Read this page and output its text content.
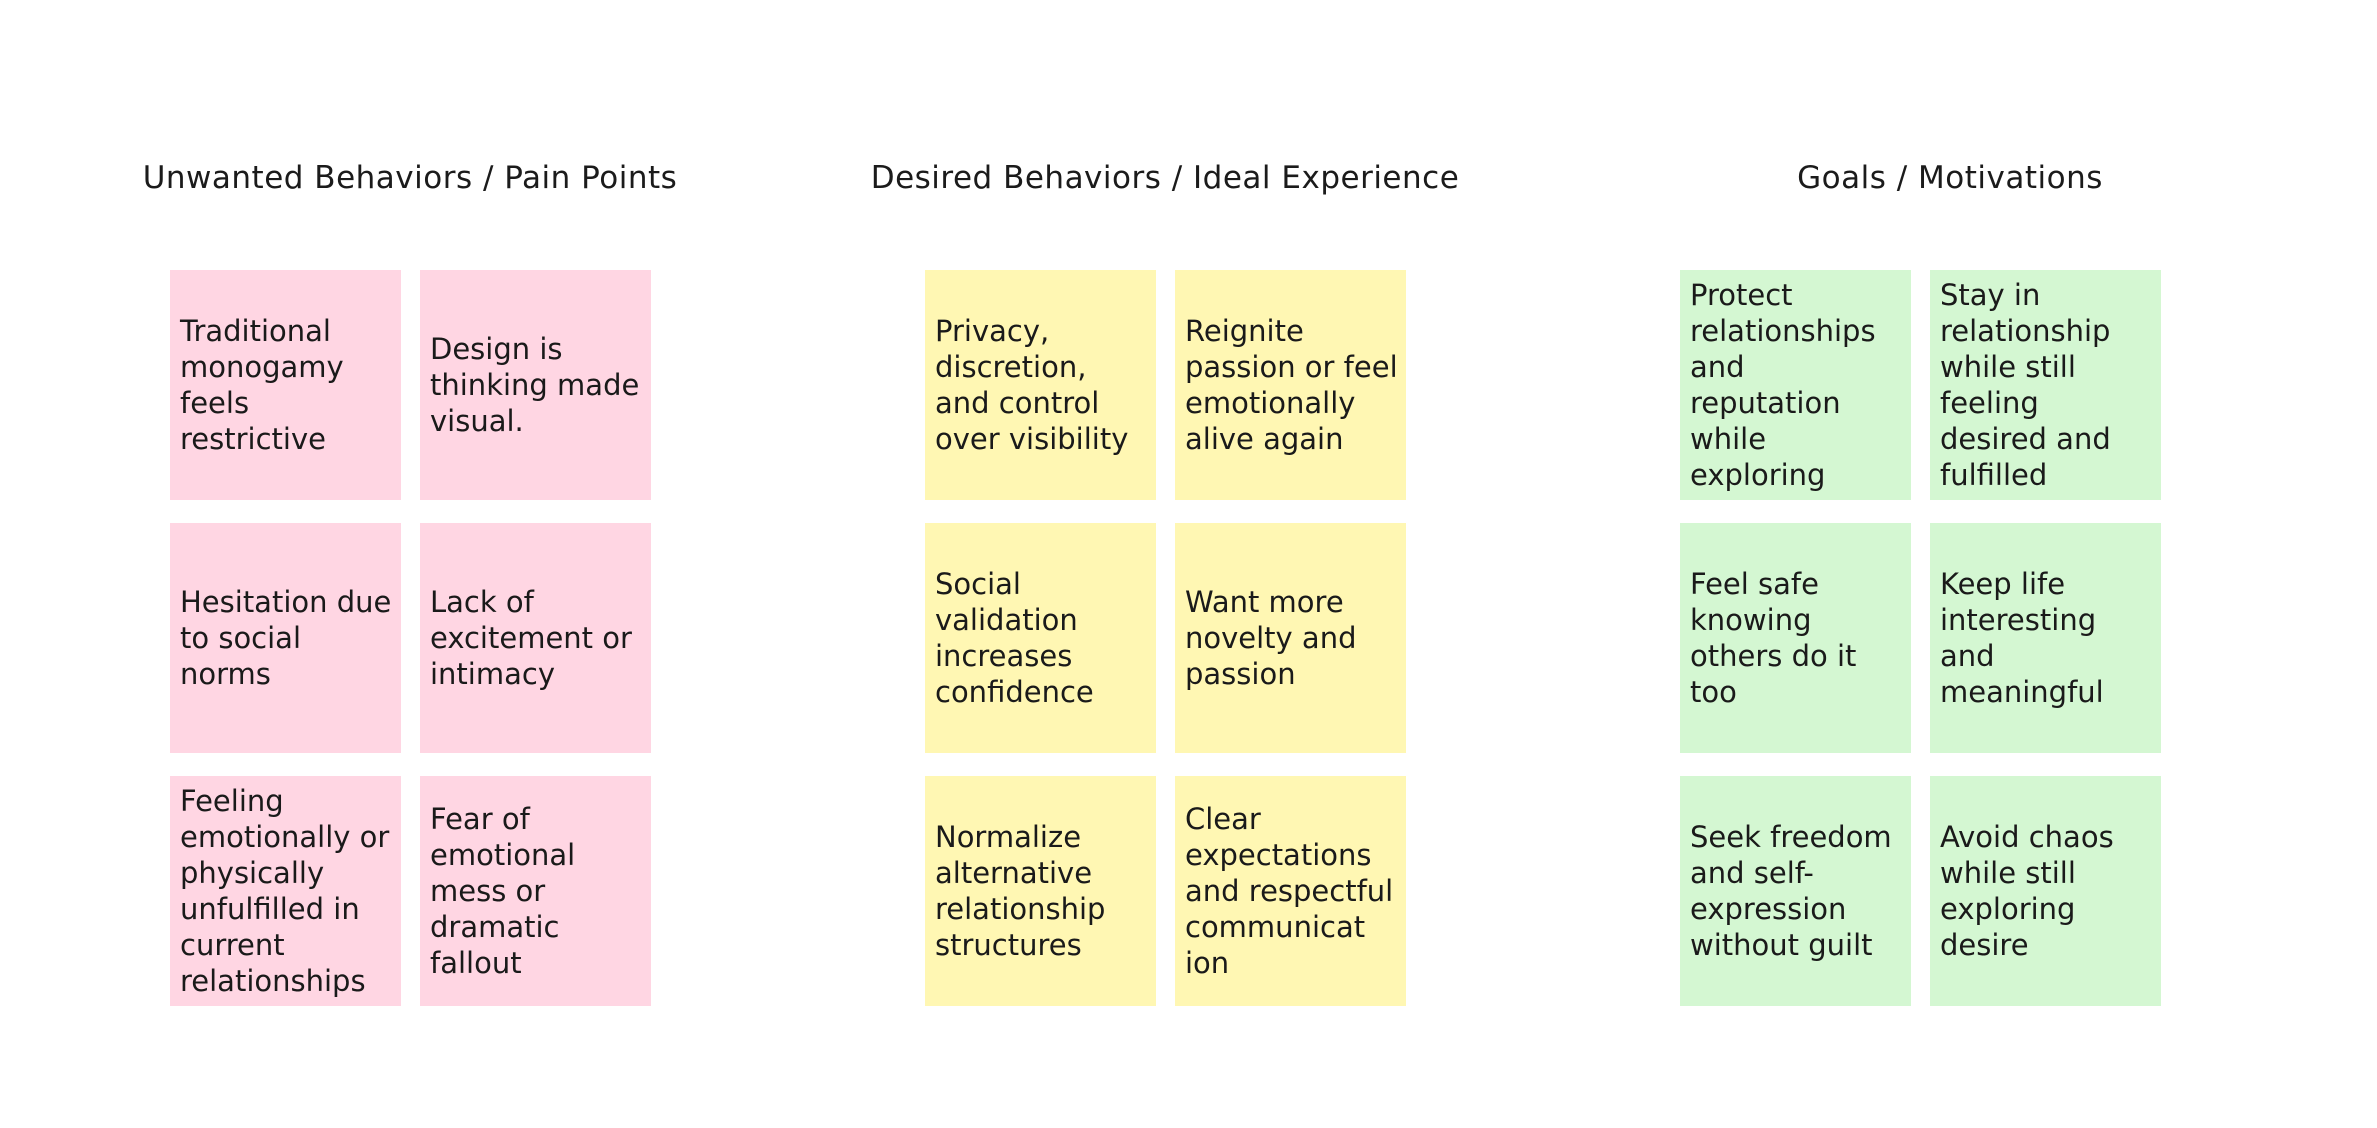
Unwanted Behaviors / Pain Points
Traditional monogamy feels restrictive
Design is thinking made visual.
Hesitation due to social norms
Lack of excitement or intimacy
Feeling emotionally or physically unfulfilled in current relationships
Fear of emotional mess or dramatic fallout
Desired Behaviors / Ideal Experience
Privacy, discretion, and control over visibility
Reignite passion or feel emotionally alive again
Social validation increases confidence
Want more novelty and passion
Normalize alternative relationship structures
Clear expectations and respectful communicat ion
Goals / Motivations
Protect relationships and reputation while exploring
Stay in relationship while still feeling desired and fulfilled
Feel safe knowing others do it too
Keep life interesting and meaningful
Seek freedom and self-expression without guilt
Avoid chaos while still exploring desire
